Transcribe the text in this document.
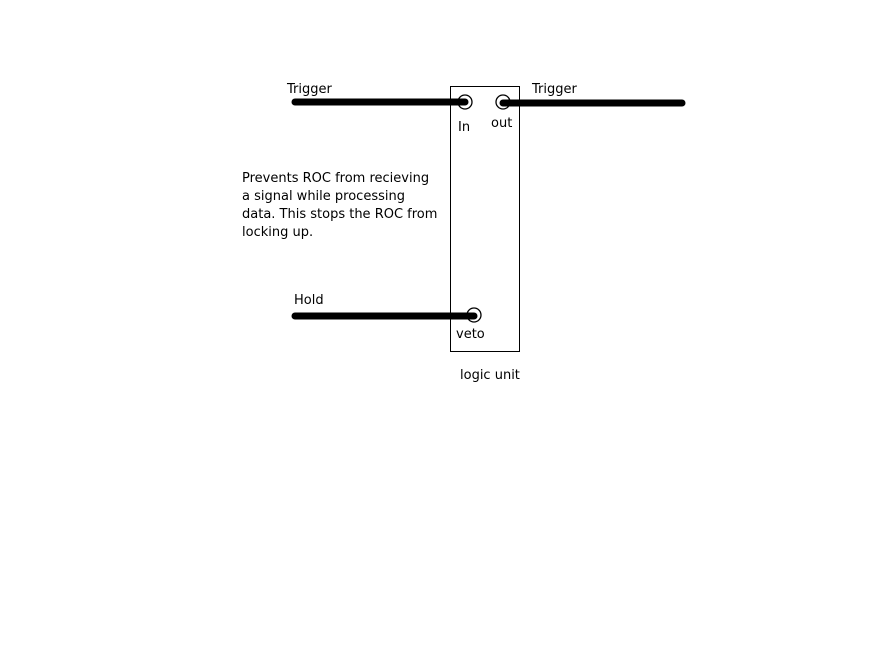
Trigger	Trigger
Hold
In out
veto
logic unit
Prevents ROC from recieving
a signal while processing
data. This stops the ROC from
locking up.
